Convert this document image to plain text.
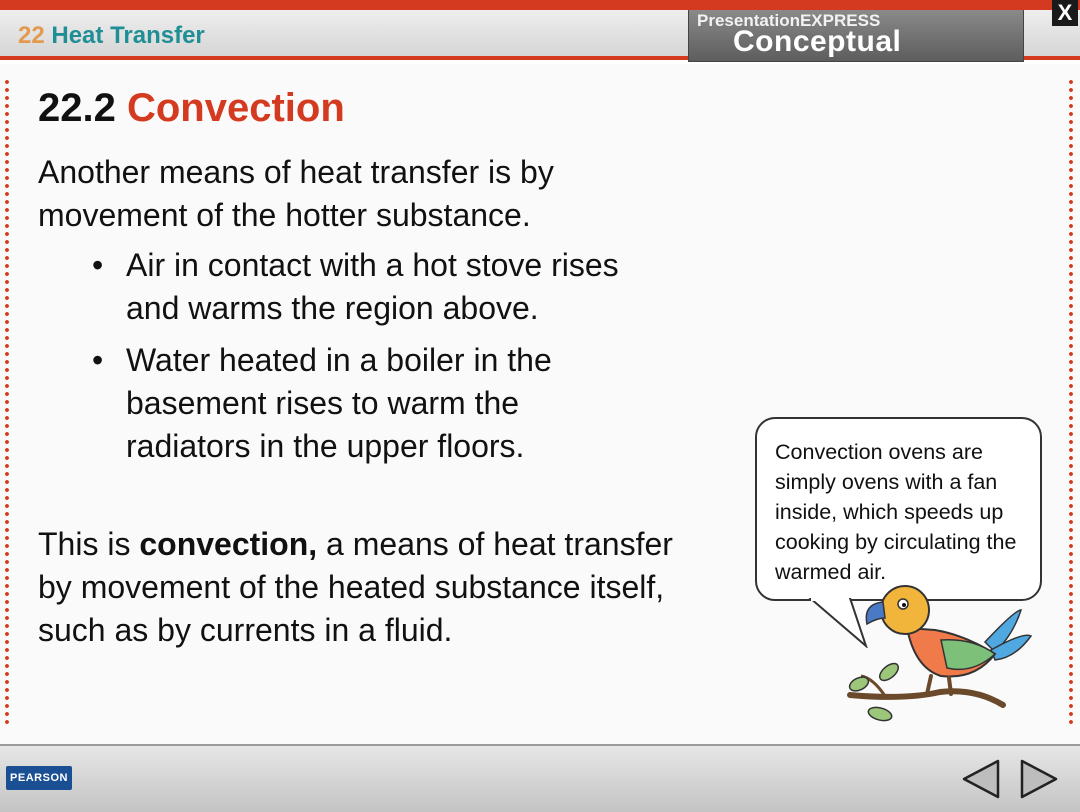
22 Heat Transfer
PresentationEXPRESS
Conceptual
X
22.2 Convection
Another means of heat transfer is by movement of the hotter substance.
• Air in contact with a hot stove rises and warms the region above.
• Water heated in a boiler in the basement rises to warm the radiators in the upper floors.
This is convection, a means of heat transfer by movement of the heated substance itself, such as by currents in a fluid.
Convection ovens are simply ovens with a fan inside, which speeds up cooking by circulating the warmed air.
PEARSON
